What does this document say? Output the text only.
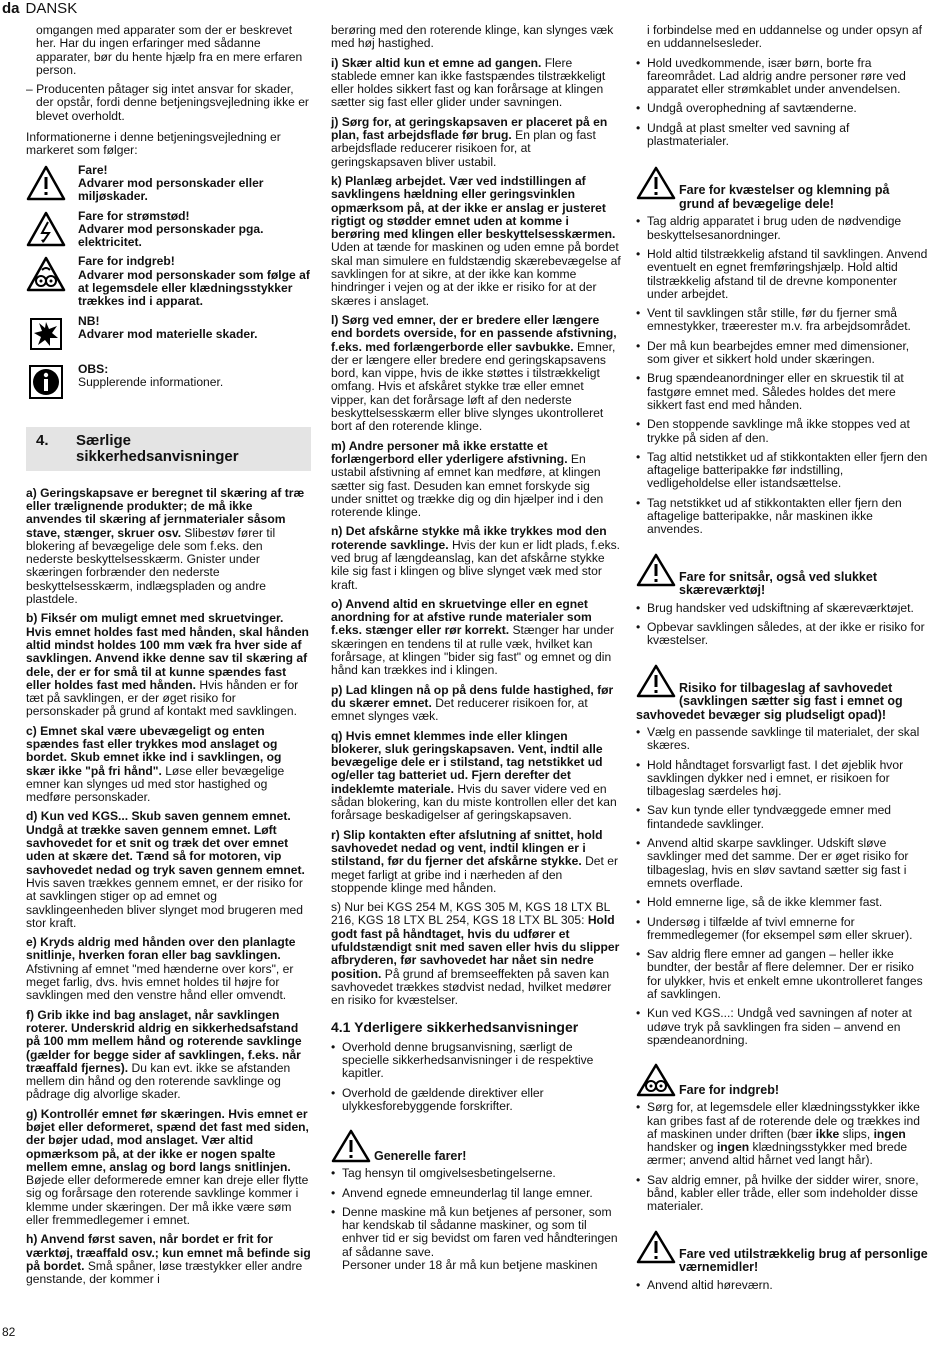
da DANSK

omgangen med apparater som der er beskrevet her. Har du ingen erfaringer med sådanne apparater, bør du hente hjælp fra en mere erfaren person.

– Producenten påtager sig intet ansvar for skader, der opstår, fordi denne betjeningsvejledning ikke er blevet overholdt.

Informationerne i denne betjeningsvejledning er markeret som følger:

Fare!
Advarer mod personskader eller miljøskader.
Fare for strømstød!
Advarer mod personskader pga. elektricitet.
Fare for indgreb!
Advarer mod personskader som følge af at legemsdele eller klædningsstykker trækkes ind i apparat.
NB!
Advarer mod materielle skader.
OBS:
Supplerende informationer.
4.	Særlige sikkerhedsanvisninger

a) Geringskapsave er beregnet til skæring af træ eller trælignende produkter; de må ikke anvendes til skæring af jernmaterialer såsom stave, stænger, skruer osv. Slibestøv fører til blokering af bevægelige dele som f.eks. den nederste beskyttelsesskærm. Gnister under skæringen forbrænder den nederste beskyttelsesskærm, indlægspladen og andre plastdele.

b) Fiksér om muligt emnet med skruetvinger. Hvis emnet holdes fast med hånden, skal hånden altid mindst holdes 100 mm væk fra hver side af savklingen. Anvend ikke denne sav til skæring af dele, der er for små til at kunne spændes fast eller holdes fast med hånden. Hvis hånden er for tæt på savklingen, er der øget risiko for personskader på grund af kontakt med savklingen.

c) Emnet skal være ubevægeligt og enten spændes fast eller trykkes mod anslaget og bordet. Skub emnet ikke ind i savklingen, og skær ikke "på fri hånd". Løse eller bevægelige emner kan slynges ud med stor hastighed og medføre personskader.

d) Kun ved KGS... Skub saven gennem emnet. Undgå at trække saven gennem emnet. Løft savhovedet for et snit og træk det over emnet uden at skære det. Tænd så for motoren, vip savhovedet nedad og tryk saven gennem emnet. Hvis saven trækkes gennem emnet, er der risiko for at savklingen stiger op ad emnet og savklingeenheden bliver slynget mod brugeren med stor kraft.

e) Kryds aldrig med hånden over den planlagte snitlinje, hverken foran eller bag savklingen. Afstivning af emnet "med hænderne over kors", er meget farlig, dvs. hvis emnet holdes til højre for savklingen med den venstre hånd eller omvendt.

f) Grib ikke ind bag anslaget, når savklingen roterer. Underskrid aldrig en sikkerhedsafstand på 100 mm mellem hånd og roterende savklinge (gælder for begge sider af savklingen, f.eks. når træaffald fjernes). Du kan evt. ikke se afstanden mellem din hånd og den roterende savklinge og pådrage dig alvorlige skader.

g) Kontrollér emnet før skæringen. Hvis emnet er bøjet eller deformeret, spænd det fast med siden, der bøjer udad, mod anslaget. Vær altid opmærksom på, at der ikke er nogen spalte mellem emne, anslag og bord langs snitlinjen. Bøjede eller deformerede emner kan dreje eller flytte sig og forårsage den roterende savklinge kommer i klemme under skæringen. Der må ikke være søm eller fremmedlegemer i emnet.

h) Anvend først saven, når bordet er frit for værktøj, træaffald osv.; kun emnet må befinde sig på bordet. Små spåner, løse træstykker eller andre genstande, der kommer i

berøring med den roterende klinge, kan slynges væk med høj hastighed.

i) Skær altid kun et emne ad gangen. Flere stablede emner kan ikke fastspændes tilstrækkeligt eller holdes sikkert fast og kan forårsage at klingen sætter sig fast eller glider under savningen.

j) Sørg for, at geringskapsaven er placeret på en plan, fast arbejdsflade før brug. En plan og fast arbejdsflade reducerer risikoen for, at geringskapsaven bliver ustabil.

k) Planlæg arbejdet. Vær ved indstillingen af savklingens hældning eller geringsvinklen opmærksom på, at der ikke er anslag er justeret rigtigt og stødder emnet uden at komme i berøring med klingen eller beskyttelsesskærmen. Uden at tænde for maskinen og uden emne på bordet skal man simulere en fuldstændig skærebevægelse af savklingen for at sikre, at der ikke kan komme hindringer i vejen og at der ikke er risiko for at der skæres i anslaget.

l) Sørg ved emner, der er bredere eller længere end bordets overside, for en passende afstivning, f.eks. med forlængerborde eller savbukke. Emner, der er længere eller bredere end geringskapsavens bord, kan vippe, hvis de ikke støttes i tilstrækkeligt omfang. Hvis et afskåret stykke træ eller emnet vipper, kan det forårsage løft af den nederste beskyttelsesskærm eller blive slynges ukontrolleret bort af den roterende klinge.

m) Andre personer må ikke erstatte et forlængerbord eller yderligere afstivning. En ustabil afstivning af emnet kan medføre, at klingen sætter sig fast. Desuden kan emnet forskyde sig under snittet og trække dig og din hjælper ind i den roterende klinge.

n) Det afskårne stykke må ikke trykkes mod den roterende savklinge. Hvis der kun er lidt plads, f.eks. ved brug af længdeanslag, kan det afskårne stykke kile sig fast i klingen og blive slynget væk med stor kraft.

o) Anvend altid en skruetvinge eller en egnet anordning for at afstive runde materialer som f.eks. stænger eller rør korrekt. Stænger har under skæringen en tendens til at rulle væk, hvilket kan forårsage, at klingen "bider sig fast" og emnet og din hånd kan trækkes ind i klingen.

p) Lad klingen nå op på dens fulde hastighed, før du skærer emnet. Det reducerer risikoen for, at emnet slynges væk.

q) Hvis emnet klemmes inde eller klingen blokerer, sluk geringskapsaven. Vent, indtil alle bevægelige dele er i stilstand, tag netstikket ud og/eller tag batteriet ud. Fjern derefter det indeklemte materiale. Hvis du saver videre ved en sådan blokering, kan du miste kontrollen eller det kan forårsage beskadigelser af geringskapsaven.

r) Slip kontakten efter afslutning af snittet, hold savhovedet nedad og vent, indtil klingen er i stilstand, før du fjerner det afskårne stykke. Det er meget farligt at gribe ind i nærheden af den stoppende klinge med hånden.

s) Nur bei KGS 254 M, KGS 305 M, KGS 18 LTX BL 216, KGS 18 LTX BL 254, KGS 18 LTX BL 305: Hold godt fast på håndtaget, hvis du udfører et ufuldstændigt snit med saven eller hvis du slipper afbryderen, før savhovedet har nået sin nedre position. På grund af bremseeffekten på saven kan savhovedet trækkes stødvist nedad, hvilket medører en risiko for kvæstelser.

4.1 Yderligere sikkerhedsanvisninger
• Overhold denne brugsanvisning, særligt de specielle sikkerhedsanvisninger i de respektive kapitler.
• Overhold de gældende direktiver eller ulykkesforebyggende forskrifter.
Generelle farer!
• Tag hensyn til omgivelsesbetingelserne.
• Anvend egnede emneunderlag til lange emner.
• Denne maskine må kun betjenes af personer, som har kendskab til sådanne maskiner, og som til enhver tid er sig bevidst om faren ved håndteringen af sådanne save.
Personer under 18 år må kun betjene maskinen

i forbindelse med en uddannelse og under opsyn af en uddannelsesleder.

• Hold uvedkommende, især børn, borte fra fareområdet. Lad aldrig andre personer røre ved apparatet eller strømkablet under anvendelsen.
• Undgå overophedning af savtænderne.
• Undgå at plast smelter ved savning af plastmaterialer.
Fare for kvæstelser og klemning på grund af bevægelige dele!
• Tag aldrig apparatet i brug uden de nødvendige beskyttelsesanordninger.
• Hold altid tilstrækkelig afstand til savklingen. Anvend eventuelt en egnet fremføringshjælp. Hold altid tilstrækkelig afstand til de drevne komponenter under arbejdet.
• Vent til savklingen står stille, før du fjerner små emnestykker, træerester m.v. fra arbejdsområdet.
• Der må kun bearbejdes emner med dimensioner, som giver et sikkert hold under skæringen.
• Brug spændeanordninger eller en skruestik til at fastgøre emnet med. Således holdes det mere sikkert fast end med hånden.
• Den stoppende savklinge må ikke stoppes ved at trykke på siden af den.
• Tag altid netstikket ud af stikkontakten eller fjern den aftagelige batteripakke før indstilling, vedligeholdelse eller istandsættelse.
• Tag netstikket ud af stikkontakten eller fjern den aftagelige batteripakke, når maskinen ikke anvendes.
Fare for snitsår, også ved slukket skæreværktøj!
• Brug handsker ved udskiftning af skæreværktøjet.
• Opbevar savklingen således, at der ikke er risiko for kvæstelser.
Risiko for tilbageslag af savhovedet (savklingen sætter sig fast i emnet og savhovedet bevæger sig pludseligt opad)!
• Vælg en passende savklinge til materialet, der skal skæres.
• Hold håndtaget forsvarligt fast. I det øjeblik hvor savklingen dykker ned i emnet, er risikoen for tilbageslag særdeles høj.
• Sav kun tynde eller tyndvæggede emner med fintandede savklinger.
• Anvend altid skarpe savklinger. Udskift sløve savklinger med det samme. Der er øget risiko for tilbageslag, hvis en sløv savtand sætter sig fast i emnets overflade.
• Hold emnerne lige, så de ikke klemmer fast.
• Undersøg i tilfælde af tvivl emnerne for fremmedlegemer (for eksempel søm eller skruer).
• Sav aldrig flere emner ad gangen – heller ikke bundter, der består af flere delemner. Der er risiko for ulykker, hvis et enkelt emne ukontrolleret fanges af savklingen.
• Kun ved KGS...: Undgå ved savningen af noter at udøve tryk på savklingen fra siden – anvend en spændeanordning.
Fare for indgreb!
• Sørg for, at legemsdele eller klædningsstykker ikke kan gribes fast af de roterende dele og trækkes ind af maskinen under driften (bær ikke slips, ingen handsker og ingen klædningsstykker med brede ærmer; anvend altid hårnet ved langt hår).
• Sav aldrig emner, på hvilke der sidder wirer, snore, bånd, kabler eller tråde, eller som indeholder disse materialer.
Fare ved utilstrækkelig brug af personlige værnemidler!
• Anvend altid høreværn.
82
